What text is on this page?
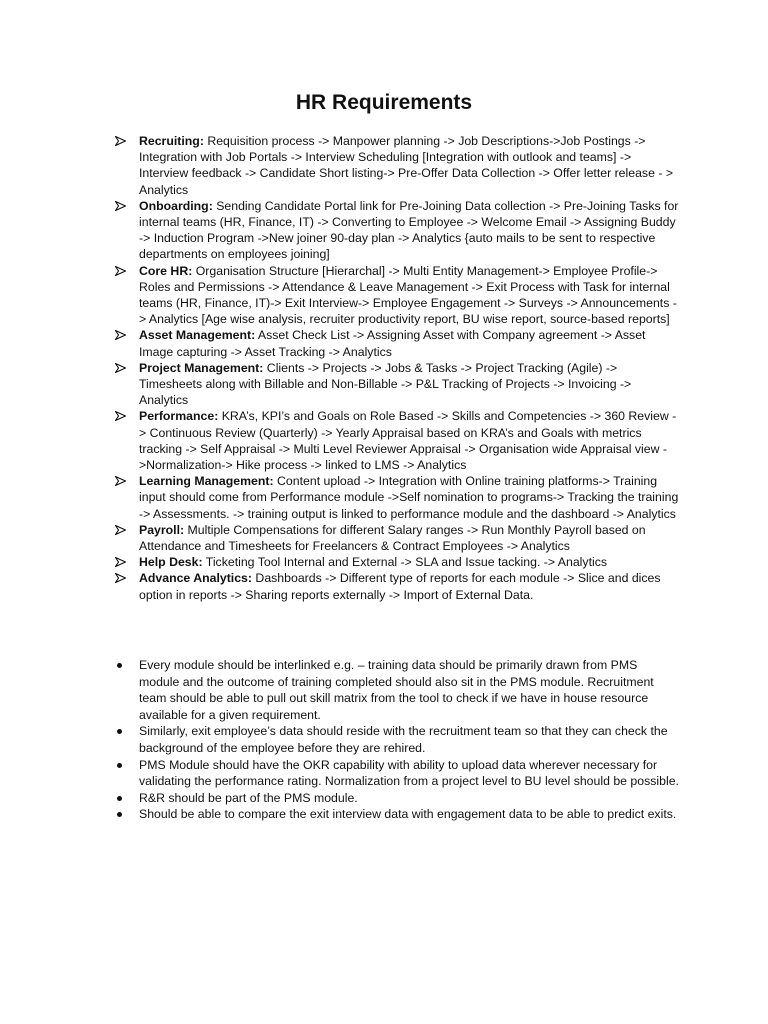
HR Requirements
Recruiting: Requisition process -> Manpower planning -> Job Descriptions->Job Postings -> Integration with Job Portals -> Interview Scheduling [Integration with outlook and teams] -> Interview feedback -> Candidate Short listing-> Pre-Offer Data Collection -> Offer letter release - > Analytics
Onboarding: Sending Candidate Portal link for Pre-Joining Data collection -> Pre-Joining Tasks for internal teams (HR, Finance, IT) -> Converting to Employee -> Welcome Email -> Assigning Buddy -> Induction Program ->New joiner 90-day plan -> Analytics {auto mails to be sent to respective departments on employees joining]
Core HR: Organisation Structure [Hierarchal] -> Multi Entity Management-> Employee Profile-> Roles and Permissions -> Attendance & Leave Management -> Exit Process with Task for internal teams (HR, Finance, IT)-> Exit Interview-> Employee Engagement -> Surveys -> Announcements -> Analytics [Age wise analysis, recruiter productivity report, BU wise report, source-based reports]
Asset Management: Asset Check List -> Assigning Asset with Company agreement -> Asset Image capturing -> Asset Tracking -> Analytics
Project Management: Clients -> Projects -> Jobs & Tasks -> Project Tracking (Agile) -> Timesheets along with Billable and Non-Billable -> P&L Tracking of Projects -> Invoicing -> Analytics
Performance: KRA’s, KPI’s and Goals on Role Based -> Skills and Competencies -> 360 Review -> Continuous Review (Quarterly) -> Yearly Appraisal based on KRA’s and Goals with metrics tracking -> Self Appraisal -> Multi Level Reviewer Appraisal -> Organisation wide Appraisal view ->Normalization-> Hike process -> linked to LMS -> Analytics
Learning Management: Content upload -> Integration with Online training platforms-> Training input should come from Performance module ->Self nomination to programs-> Tracking the training -> Assessments. -> training output is linked to performance module and the dashboard -> Analytics
Payroll: Multiple Compensations for different Salary ranges -> Run Monthly Payroll based on Attendance and Timesheets for Freelancers & Contract Employees -> Analytics
Help Desk: Ticketing Tool Internal and External -> SLA and Issue tacking. -> Analytics
Advance Analytics: Dashboards -> Different type of reports for each module -> Slice and dices option in reports -> Sharing reports externally -> Import of External Data.
Every module should be interlinked e.g. – training data should be primarily drawn from PMS module and the outcome of training completed should also sit in the PMS module. Recruitment team should be able to pull out skill matrix from the tool to check if we have in house resource available for a given requirement.
Similarly, exit employee’s data should reside with the recruitment team so that they can check the background of the employee before they are rehired.
PMS Module should have the OKR capability with ability to upload data wherever necessary for validating the performance rating. Normalization from a project level to BU level should be possible.
R&R should be part of the PMS module.
Should be able to compare the exit interview data with engagement data to be able to predict exits.
